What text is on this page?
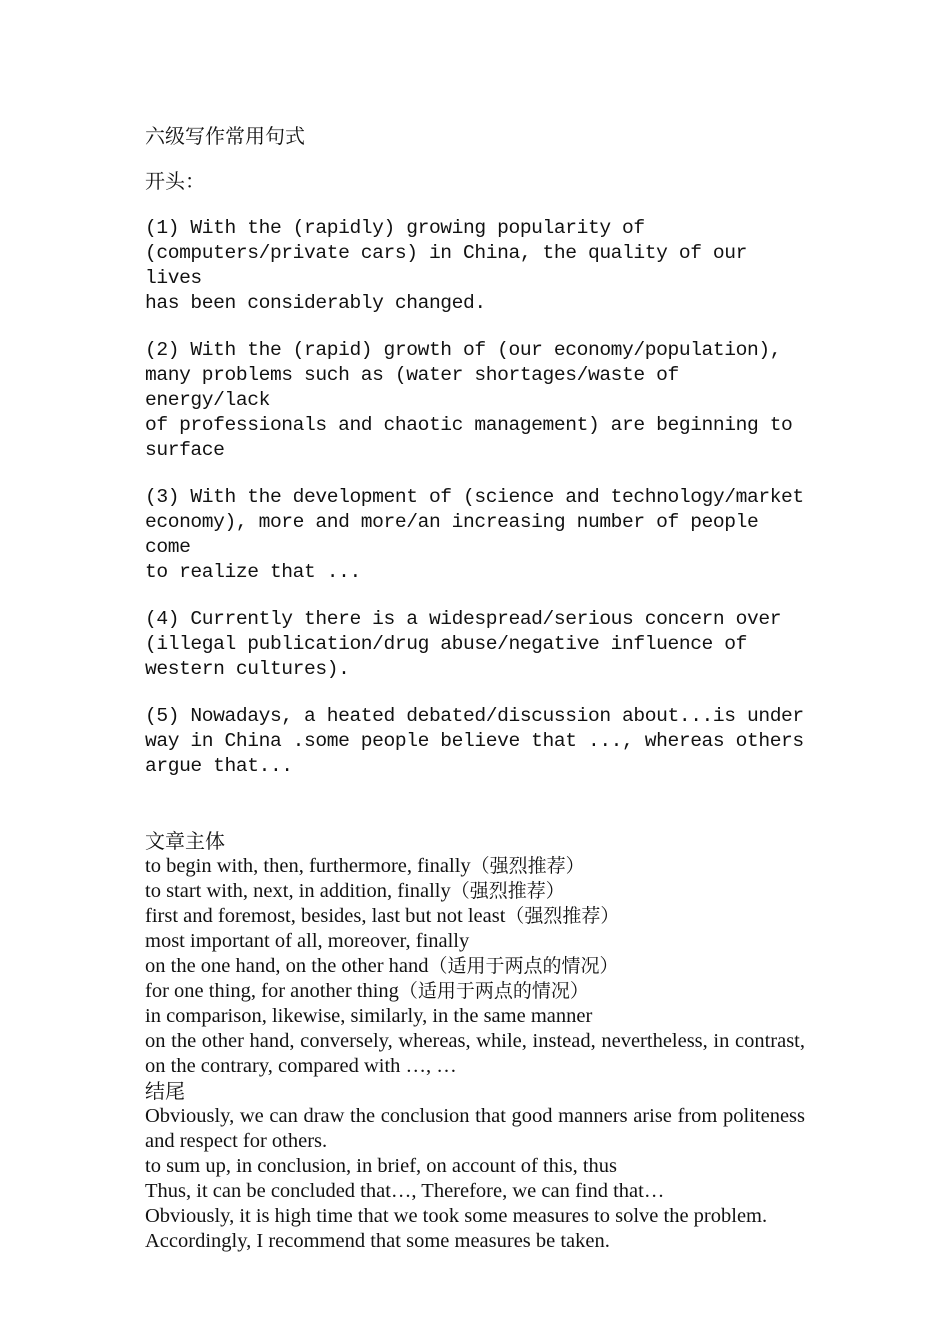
六级写作常用句式
开头：
(1) With the (rapidly) growing popularity of
(computers/private cars) in China, the quality of our lives
has been considerably changed.
(2) With the (rapid) growth of (our economy/population),
many problems such as (water shortages/waste of energy/lack
of professionals and chaotic management) are beginning to
surface
(3) With the development of (science and technology/market
economy), more and more/an increasing number of people come
to realize that ...
(4) Currently there is a widespread/serious concern over
(illegal publication/drug abuse/negative influence of
western cultures).
(5) Nowadays, a heated debated/discussion about...is under
way in China .some people believe that ..., whereas others
argue that...
文章主体
to begin with, then, furthermore, finally（强烈推荐）
to start with, next, in addition, finally（强烈推荐）
first and foremost, besides, last but not least（强烈推荐）
most important of all, moreover, finally
on the one hand, on the other hand（适用于两点的情况）
for one thing, for another thing（适用于两点的情况）
in comparison, likewise, similarly, in the same manner
on the other hand, conversely, whereas, while, instead, nevertheless, in contrast, on the contrary, compared with …, …
结尾
Obviously, we can draw the conclusion that good manners arise from politeness and respect for others.
to sum up, in conclusion, in brief, on account of this, thus
Thus, it can be concluded that…, Therefore, we can find that…
Obviously, it is high time that we took some measures to solve the problem.
Accordingly, I recommend that some measures be taken.
